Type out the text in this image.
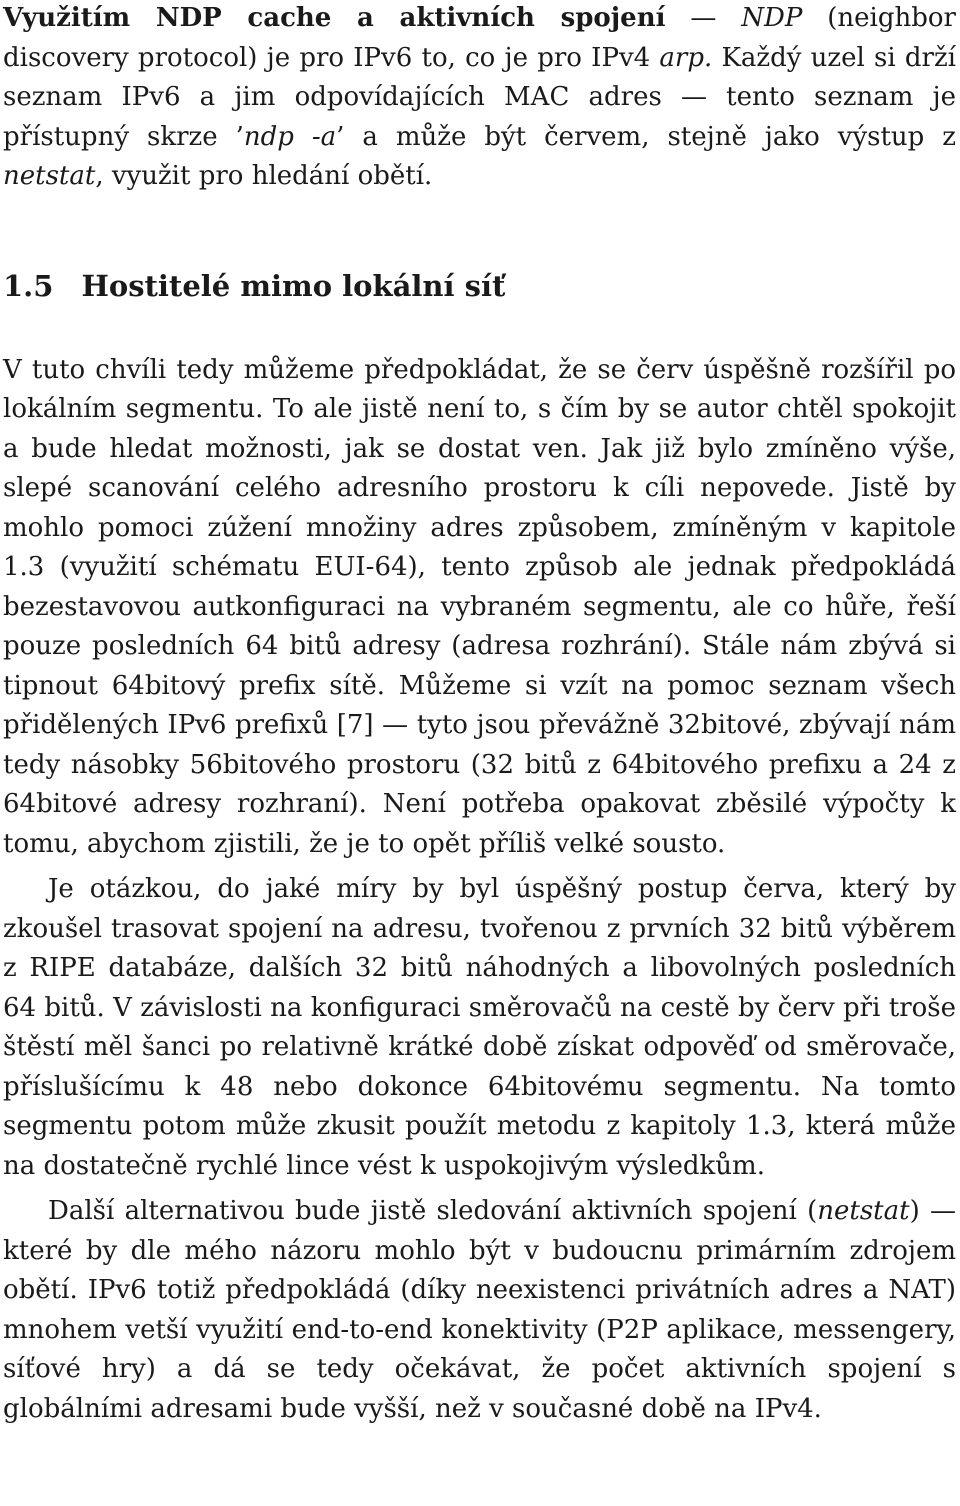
Využitím NDP cache a aktivních spojení — NDP (neighbor discovery protocol) je pro IPv6 to, co je pro IPv4 arp. Každý uzel si drží seznam IPv6 a jim odpovídajících MAC adres — tento seznam je přístupný skrze ’ndp -a’ a může být červem, stejně jako výstup z netstat, využit pro hledání obětí.

1.5 Hostitelé mimo lokální síť

V tuto chvíli tedy můžeme předpokládat, že se červ úspěšně rozšířil po lokálním segmentu. To ale jistě není to, s čím by se autor chtěl spokojit a bude hledat možnosti, jak se dostat ven. Jak již bylo zmíněno výše, slepé scanování celého adresního prostoru k cíli nepovede. Jistě by mohlo pomoci zúžení množiny adres způsobem, zmíněným v kapitole 1.3 (využití schématu EUI-64), tento způsob ale jednak předpokládá bezestavovou autkonfiguraci na vybraném segmentu, ale co hůře, řeší pouze posledních 64 bitů adresy (adresa rozhrání). Stále nám zbývá si tipnout 64bitový prefix sítě. Můžeme si vzít na pomoc seznam všech přidělených IPv6 prefixů [7] — tyto jsou převážně 32bitové, zbývají nám tedy násobky 56bitového prostoru (32 bitů z 64bitového prefixu a 24 z 64bitové adresy rozhraní). Není potřeba opakovat zběsilé výpočty k tomu, abychom zjistili, že je to opět příliš velké sousto.

Je otázkou, do jaké míry by byl úspěšný postup červa, který by zkoušel trasovat spojení na adresu, tvořenou z prvních 32 bitů výběrem z RIPE databáze, dalších 32 bitů náhodných a libovolných posledních 64 bitů. V závislosti na konfiguraci směrovačů na cestě by červ při troše štěstí měl šanci po relativně krátké době získat odpověď od směrovače, příslušícímu k 48 nebo dokonce 64bitovému segmentu. Na tomto segmentu potom může zkusit použít metodu z kapitoly 1.3, která může na dostatečně rychlé lince vést k uspokojivým výsledkům.

Další alternativou bude jistě sledování aktivních spojení (netstat) — které by dle mého názoru mohlo být v budoucnu primárním zdrojem obětí. IPv6 totiž předpokládá (díky neexistenci privátních adres a NAT) mnohem vetší využití end-to-end konektivity (P2P aplikace, messengery, síťové hry) a dá se tedy očekávat, že počet aktivních spojení s globálními adresami bude vyšší, než v současné době na IPv4.
